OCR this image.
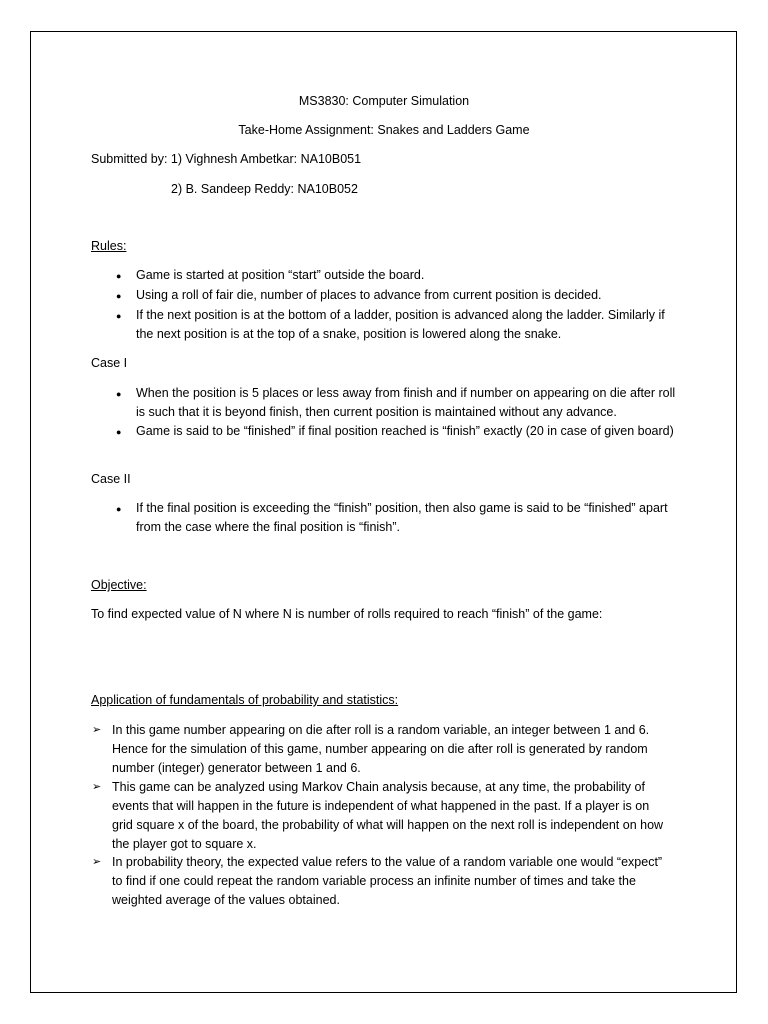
MS3830: Computer Simulation
Take-Home Assignment: Snakes and Ladders Game
Submitted by: 1) Vighnesh Ambetkar: NA10B051
2) B. Sandeep Reddy: NA10B052
Rules:
● Game is started at position “start” outside the board.
● Using a roll of fair die, number of places to advance from current position is decided.
● If the next position is at the bottom of a ladder, position is advanced along the ladder. Similarly if the next position is at the top of a snake, position is lowered along the snake.
Case I
● When the position is 5 places or less away from finish and if number on appearing on die after roll is such that it is beyond finish, then current position is maintained without any advance.
● Game is said to be “finished” if final position reached is “finish” exactly (20 in case of given board)
Case II
● If the final position is exceeding the “finish” position, then also game is said to be “finished” apart from the case where the final position is “finish”.
Objective:
To find expected value of N where N is number of rolls required to reach “finish” of the game:
Application of fundamentals of probability and statistics:
➢ In this game number appearing on die after roll is a random variable, an integer between 1 and 6. Hence for the simulation of this game, number appearing on die after roll is generated by random number (integer) generator between 1 and 6.
➢ This game can be analyzed using Markov Chain analysis because, at any time, the probability of events that will happen in the future is independent of what happened in the past. If a player is on grid square x of the board, the probability of what will happen on the next roll is independent on how the player got to square x.
➢ In probability theory, the expected value refers to the value of a random variable one would “expect” to find if one could repeat the random variable process an infinite number of times and take the weighted average of the values obtained.
